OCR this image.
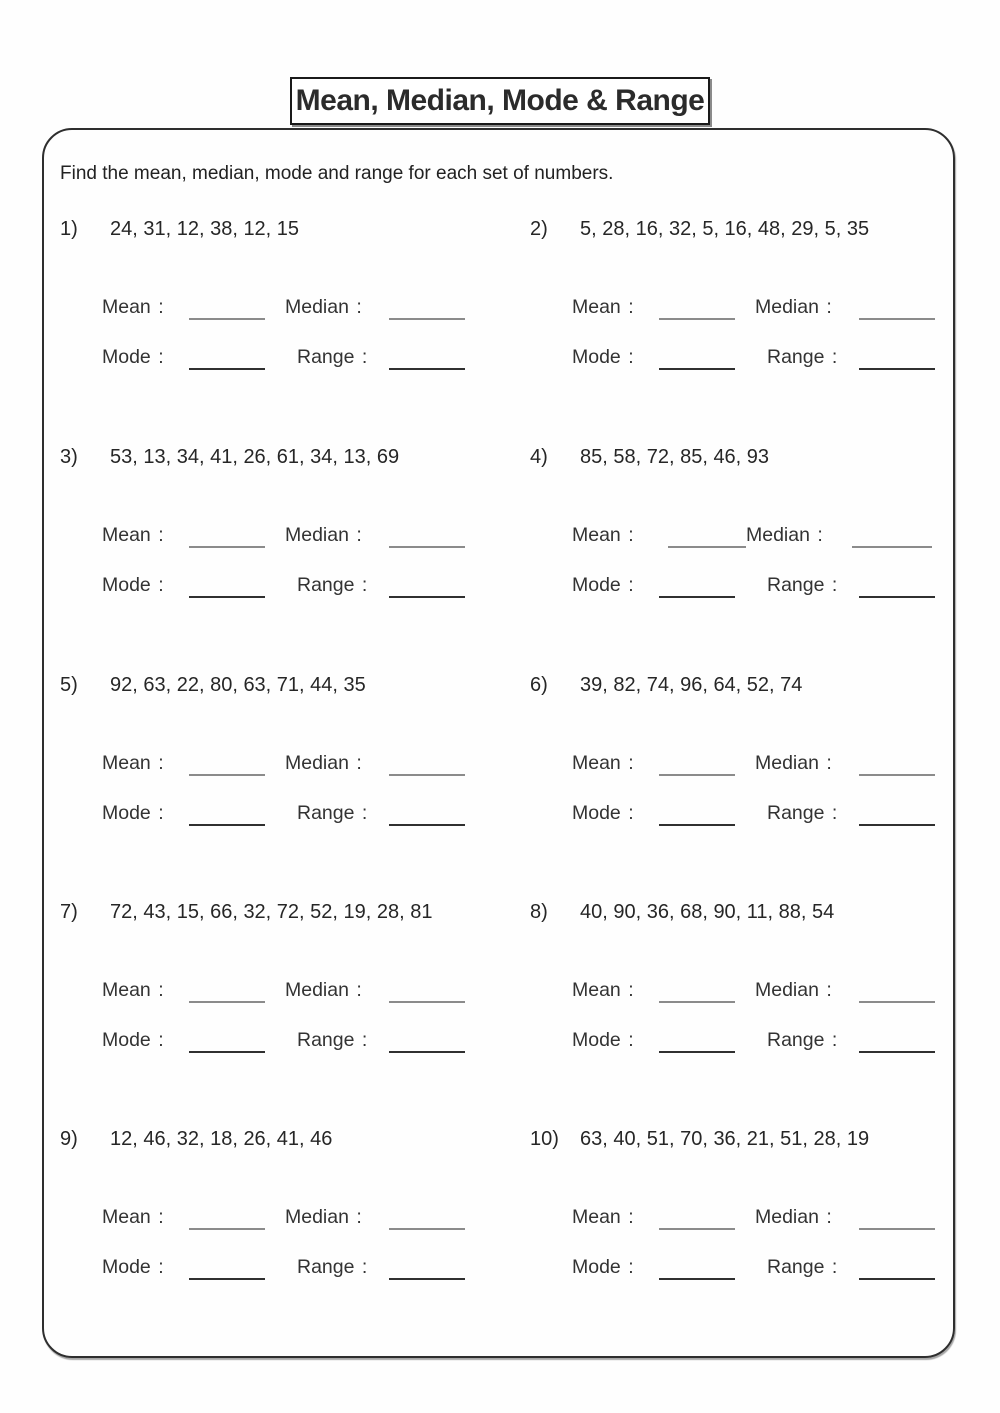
Mean, Median, Mode & Range
Find the mean, median, mode and range for each set of numbers.
1) 24, 31, 12, 38, 12, 15
Mean :	Median :
Mode :	Range :
2) 5, 28, 16, 32, 5, 16, 48, 29, 5, 35
Mean :	Median :
Mode :	Range :
3) 53, 13, 34, 41, 26, 61, 34, 13, 69
Mean :	Median :
Mode :	Range :
4) 85, 58, 72, 85, 46, 93
Mean :	Median :
Mode :	Range :
5) 92, 63, 22, 80, 63, 71, 44, 35
Mean :	Median :
Mode :	Range :
6) 39, 82, 74, 96, 64, 52, 74
Mean :	Median :
Mode :	Range :
7) 72, 43, 15, 66, 32, 72, 52, 19, 28, 81
Mean :	Median :
Mode :	Range :
8) 40, 90, 36, 68, 90, 11, 88, 54
Mean :	Median :
Mode :	Range :
9) 12, 46, 32, 18, 26, 41, 46
Mean :	Median :
Mode :	Range :
10) 63, 40, 51, 70, 36, 21, 51, 28, 19
Mean :	Median :
Mode :	Range :
